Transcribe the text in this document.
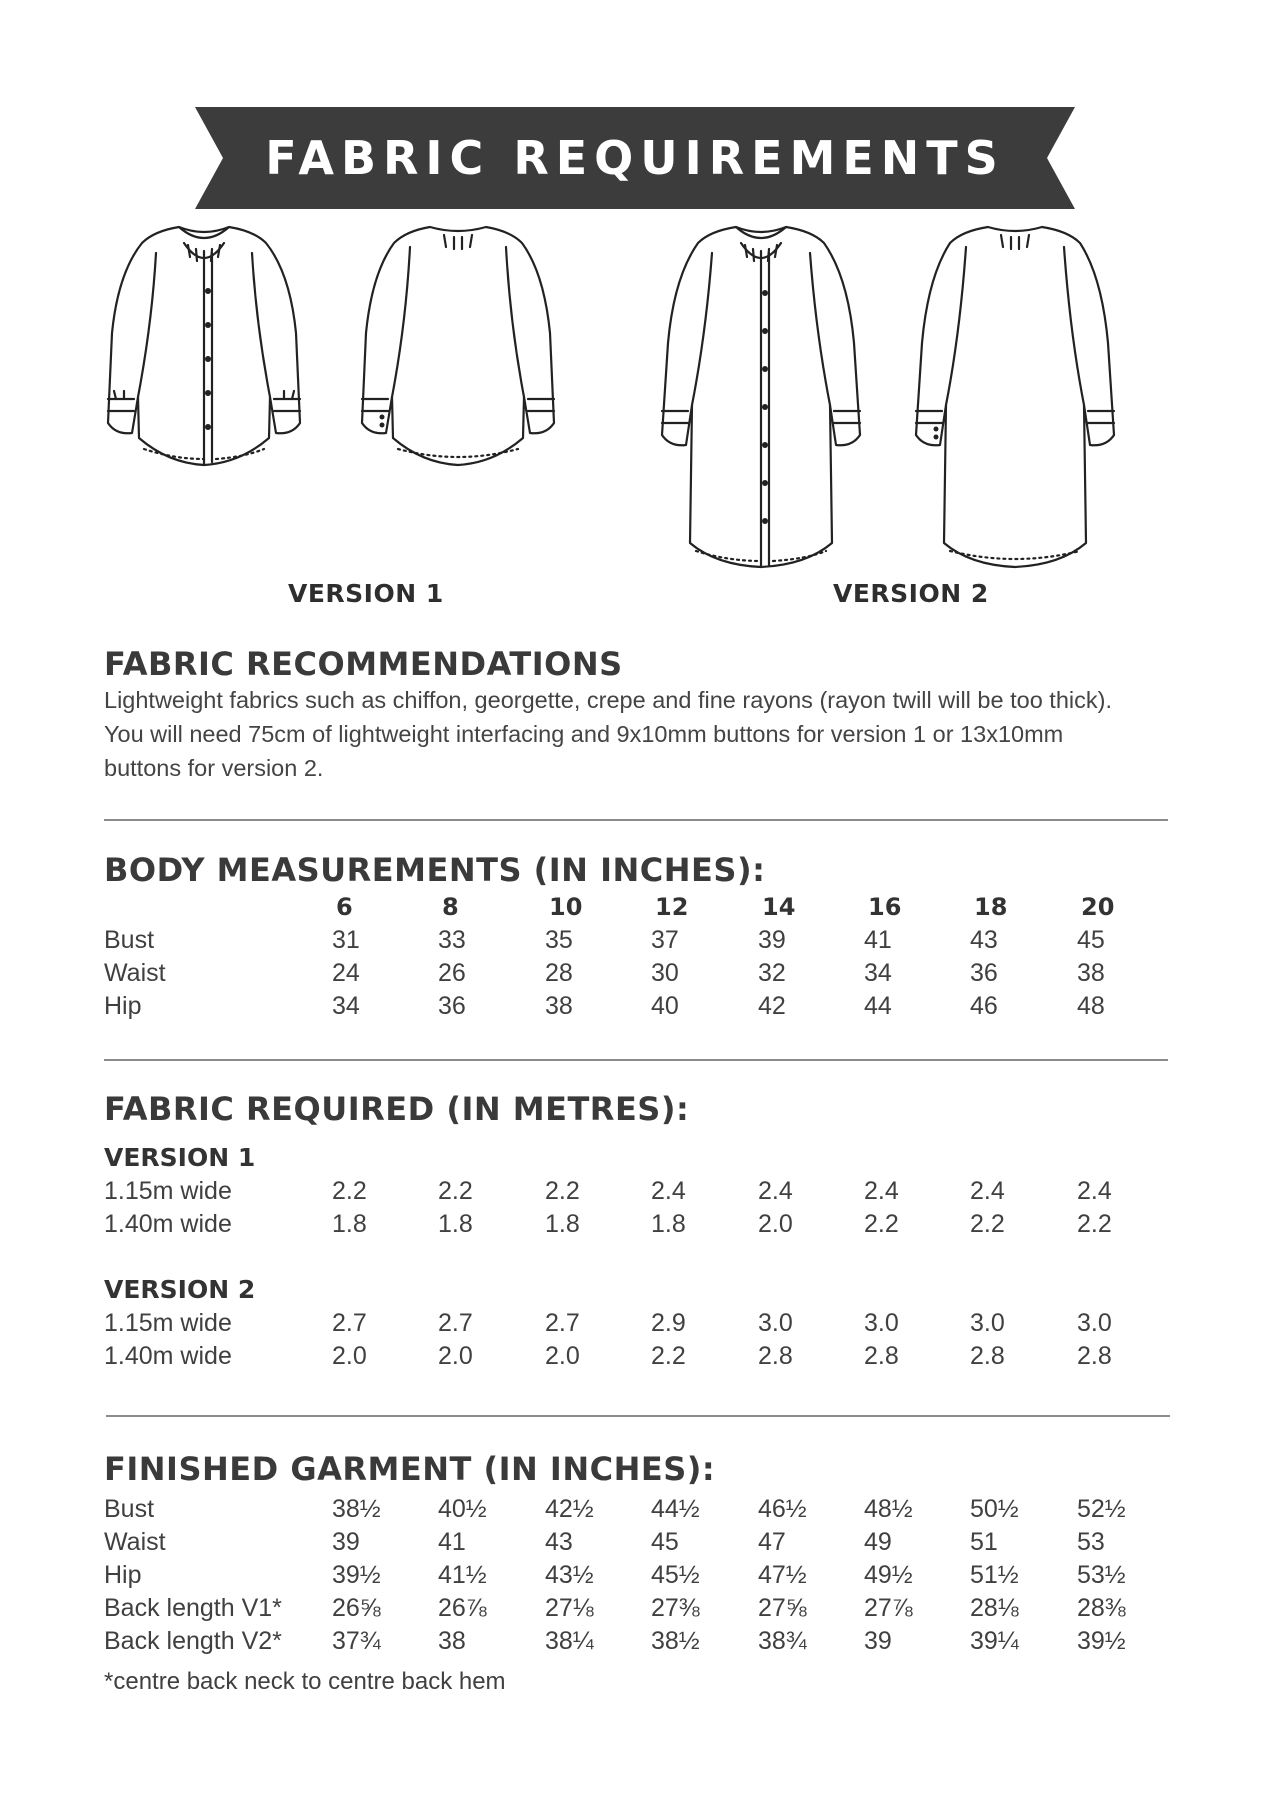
FABRIC REQUIREMENTS
VERSION 1	VERSION 2
FABRIC RECOMMENDATIONS
Lightweight fabrics such as chiffon, georgette, crepe and fine rayons (rayon twill will be too thick).
You will need 75cm of lightweight interfacing and 9x10mm buttons for version 1 or 13x10mm
buttons for version 2.
BODY MEASUREMENTS (IN INCHES):
6	8	10	12	14	16	18	20
Bust	31	33	35	37	39	41	43	45
Waist	24	26	28	30	32	34	36	38
Hip	34	36	38	40	42	44	46	48
FABRIC REQUIRED (IN METRES):
VERSION 1
1.15m wide	2.2	2.2	2.2	2.4	2.4	2.4	2.4	2.4
1.40m wide	1.8	1.8	1.8	1.8	2.0	2.2	2.2	2.2
VERSION 2
1.15m wide	2.7	2.7	2.7	2.9	3.0	3.0	3.0	3.0
1.40m wide	2.0	2.0	2.0	2.2	2.8	2.8	2.8	2.8
FINISHED GARMENT (IN INCHES):
Bust	38½ 40½ 42½ 44½ 46½ 48½ 50½ 52½
Waist	39	41	43	45	47	49	51	53
Hip	39½ 41½ 43½ 45½ 47½ 49½ 51½ 53½
Back length V1* 26⅝ 26⅞ 27⅛ 27⅜ 27⅝ 27⅞ 28⅛ 28⅜
Back length V2* 37¾ 38	38¼ 38½ 38¾ 39	39¼ 39½
*centre back neck to centre back hem
